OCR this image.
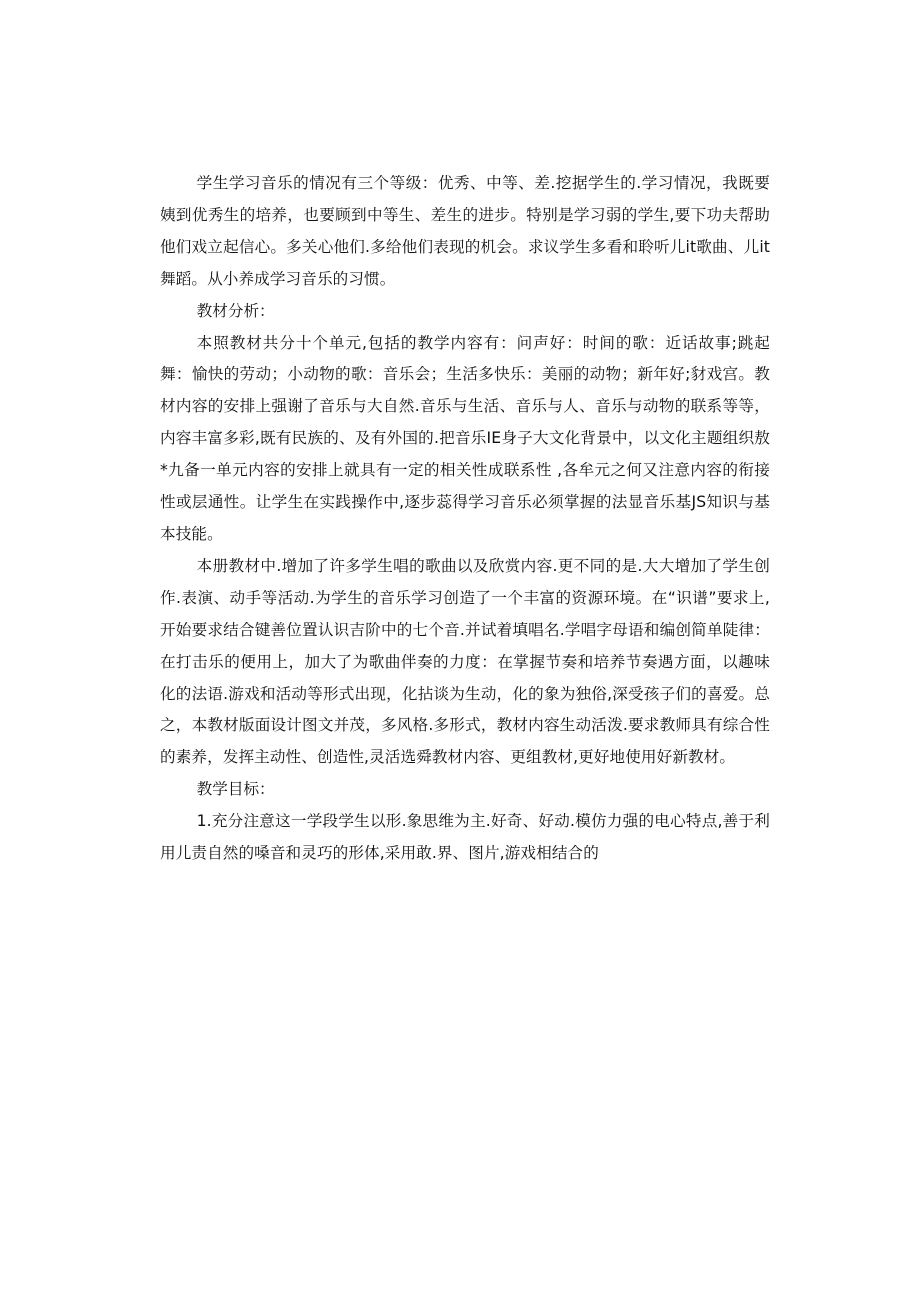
学生学习音乐的情况有三个等级：优秀、中等、差.挖据学生的.学习情况，我既要姨到优秀生的培养，也要顾到中等生、差生的进步。特别是学习弱的学生,要下功夫帮助他们戏立起信心。多关心他们.多给他们表现的机会。求议学生多看和聆听儿it歌曲、儿it舞蹈。从小养成学习音乐的习惯。

教材分析：

本照教材共分十个单元,包括的教学内容有：问声好：时间的歌：近话故事;跳起舞：愉快的劳动；小动物的歌：音乐会；生活多快乐：美丽的动物；新年好;豺戏宫。教材内容的安排上强谢了音乐与大自然.音乐与生活、音乐与人、音乐与动物的联系等等，内容丰富多彩,既有民族的、及有外国的.把音乐IE身子大文化背景中，以文化主题组织敖*九备一单元内容的安排上就具有一定的相关性成联系性 ,各牟元之何又注意内容的衔接性或层通性。让学生在实践操作中,逐步蕊得学习音乐必须掌握的法显音乐基JS知识与基本技能。

本册教材中.增加了许多学生唱的歌曲以及欣赏内容.更不同的是.大大增加了学生创作.表演、动手等活动.为学生的音乐学习创造了一个丰富的资源环境。在“识谱”要求上,开始要求结合键善位置认识吉阶中的七个音.并试着填唱名.学唱字母语和编创简单陡律：在打击乐的便用上，加大了为歌曲伴奏的力度：在掌握节奏和培养节奏遇方面，以趣味化的法语.游戏和活动等形式出现，化拈谈为生动，化的象为独俗,深受孩子们的喜爱。总之，本教材版面设计图文并茂，多风格.多形式，教材内容生动活泼.要求教师具有综合性的素养，发挥主动性、创造性,灵活选舜教材内容、更组教材,更好地使用好新教材。

教学目标：

1.充分注意这一学段学生以形.象思维为主.好奇、好动.模仿力强的电心特点,善于利用儿责自然的嗓音和灵巧的形体,采用敢.界、图片,游戏相结合的
